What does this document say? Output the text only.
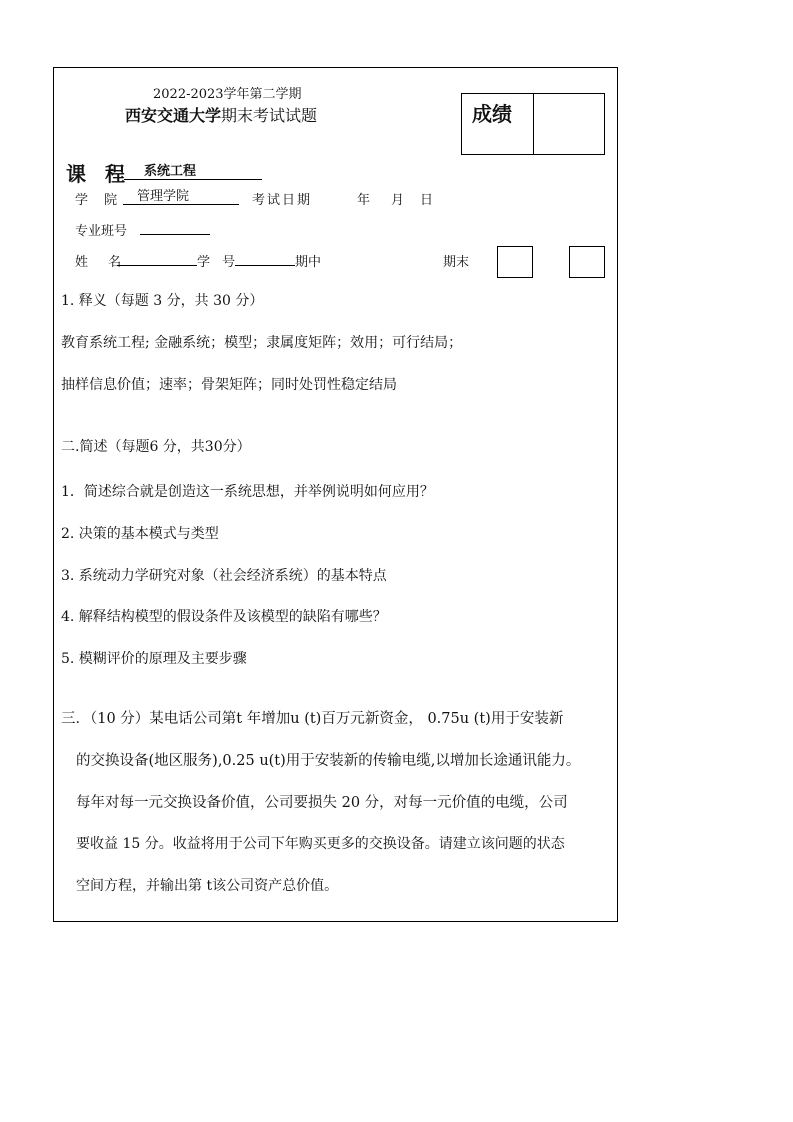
2022-2023学年第二学期
西安交通大学期末考试试题	成绩
课 程	系统工程
学 院	管理学院	考试日期	年 月 日
专业班号
姓 名	学 号	期中	期末
1. 释义（每题 3 分，共 30 分）
教育系统工程; 金融系统；模型；隶属度矩阵；效用；可行结局；
抽样信息价值；速率；骨架矩阵；同时处罚性稳定结局
二.简述（每题6 分，共30分）
1．简述综合就是创造这一系统思想，并举例说明如何应用？
2. 决策的基本模式与类型
3. 系统动力学研究对象（社会经济系统）的基本特点
4. 解释结构模型的假设条件及该模型的缺陷有哪些？
5. 模糊评价的原理及主要步骤
三．（10 分）某电话公司第t 年增加u (t)百万元新资金， 0.75u (t)用于安装新
的交换设备(地区服务),0.25 u(t)用于安装新的传输电缆,以增加长途通讯能力。
每年对每一元交换设备价值，公司要损失 20 分，对每一元价值的电缆，公司
要收益 15 分。收益将用于公司下年购买更多的交换设备。请建立该问题的状态
空间方程，并输出第 t该公司资产总价值。
